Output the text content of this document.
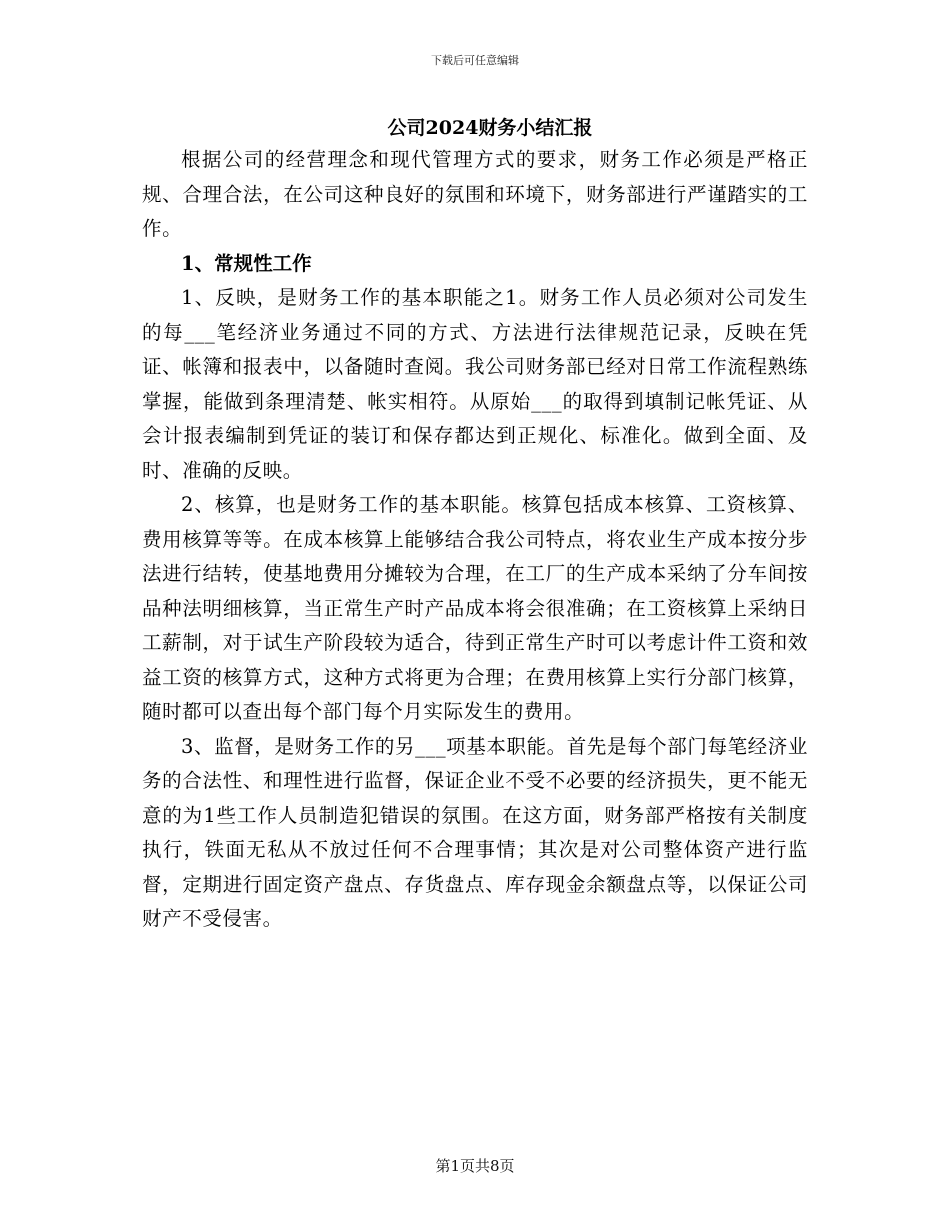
下载后可任意编辑
公司2024财务小结汇报

根据公司的经营理念和现代管理方式的要求，财务工作必须是严格正规、合理合法，在公司这种良好的氛围和环境下，财务部进行严谨踏实的工作。

1、常规性工作

1、反映，是财务工作的基本职能之1。财务工作人员必须对公司发生的每___笔经济业务通过不同的方式、方法进行法律规范记录，反映在凭证、帐簿和报表中，以备随时查阅。我公司财务部已经对日常工作流程熟练掌握，能做到条理清楚、帐实相符。从原始___的取得到填制记帐凭证、从会计报表编制到凭证的装订和保存都达到正规化、标准化。做到全面、及时、准确的反映。

2、核算，也是财务工作的基本职能。核算包括成本核算、工资核算、费用核算等等。在成本核算上能够结合我公司特点，将农业生产成本按分步法进行结转，使基地费用分摊较为合理，在工厂的生产成本采纳了分车间按品种法明细核算，当正常生产时产品成本将会很准确；在工资核算上采纳日工薪制，对于试生产阶段较为适合，待到正常生产时可以考虑计件工资和效益工资的核算方式，这种方式将更为合理；在费用核算上实行分部门核算，随时都可以查出每个部门每个月实际发生的费用。

3、监督，是财务工作的另___项基本职能。首先是每个部门每笔经济业务的合法性、和理性进行监督，保证企业不受不必要的经济损失，更不能无意的为1些工作人员制造犯错误的氛围。在这方面，财务部严格按有关制度执行，铁面无私从不放过任何不合理事情；其次是对公司整体资产进行监督，定期进行固定资产盘点、存货盘点、库存现金余额盘点等，以保证公司财产不受侵害。

第1页共8页
